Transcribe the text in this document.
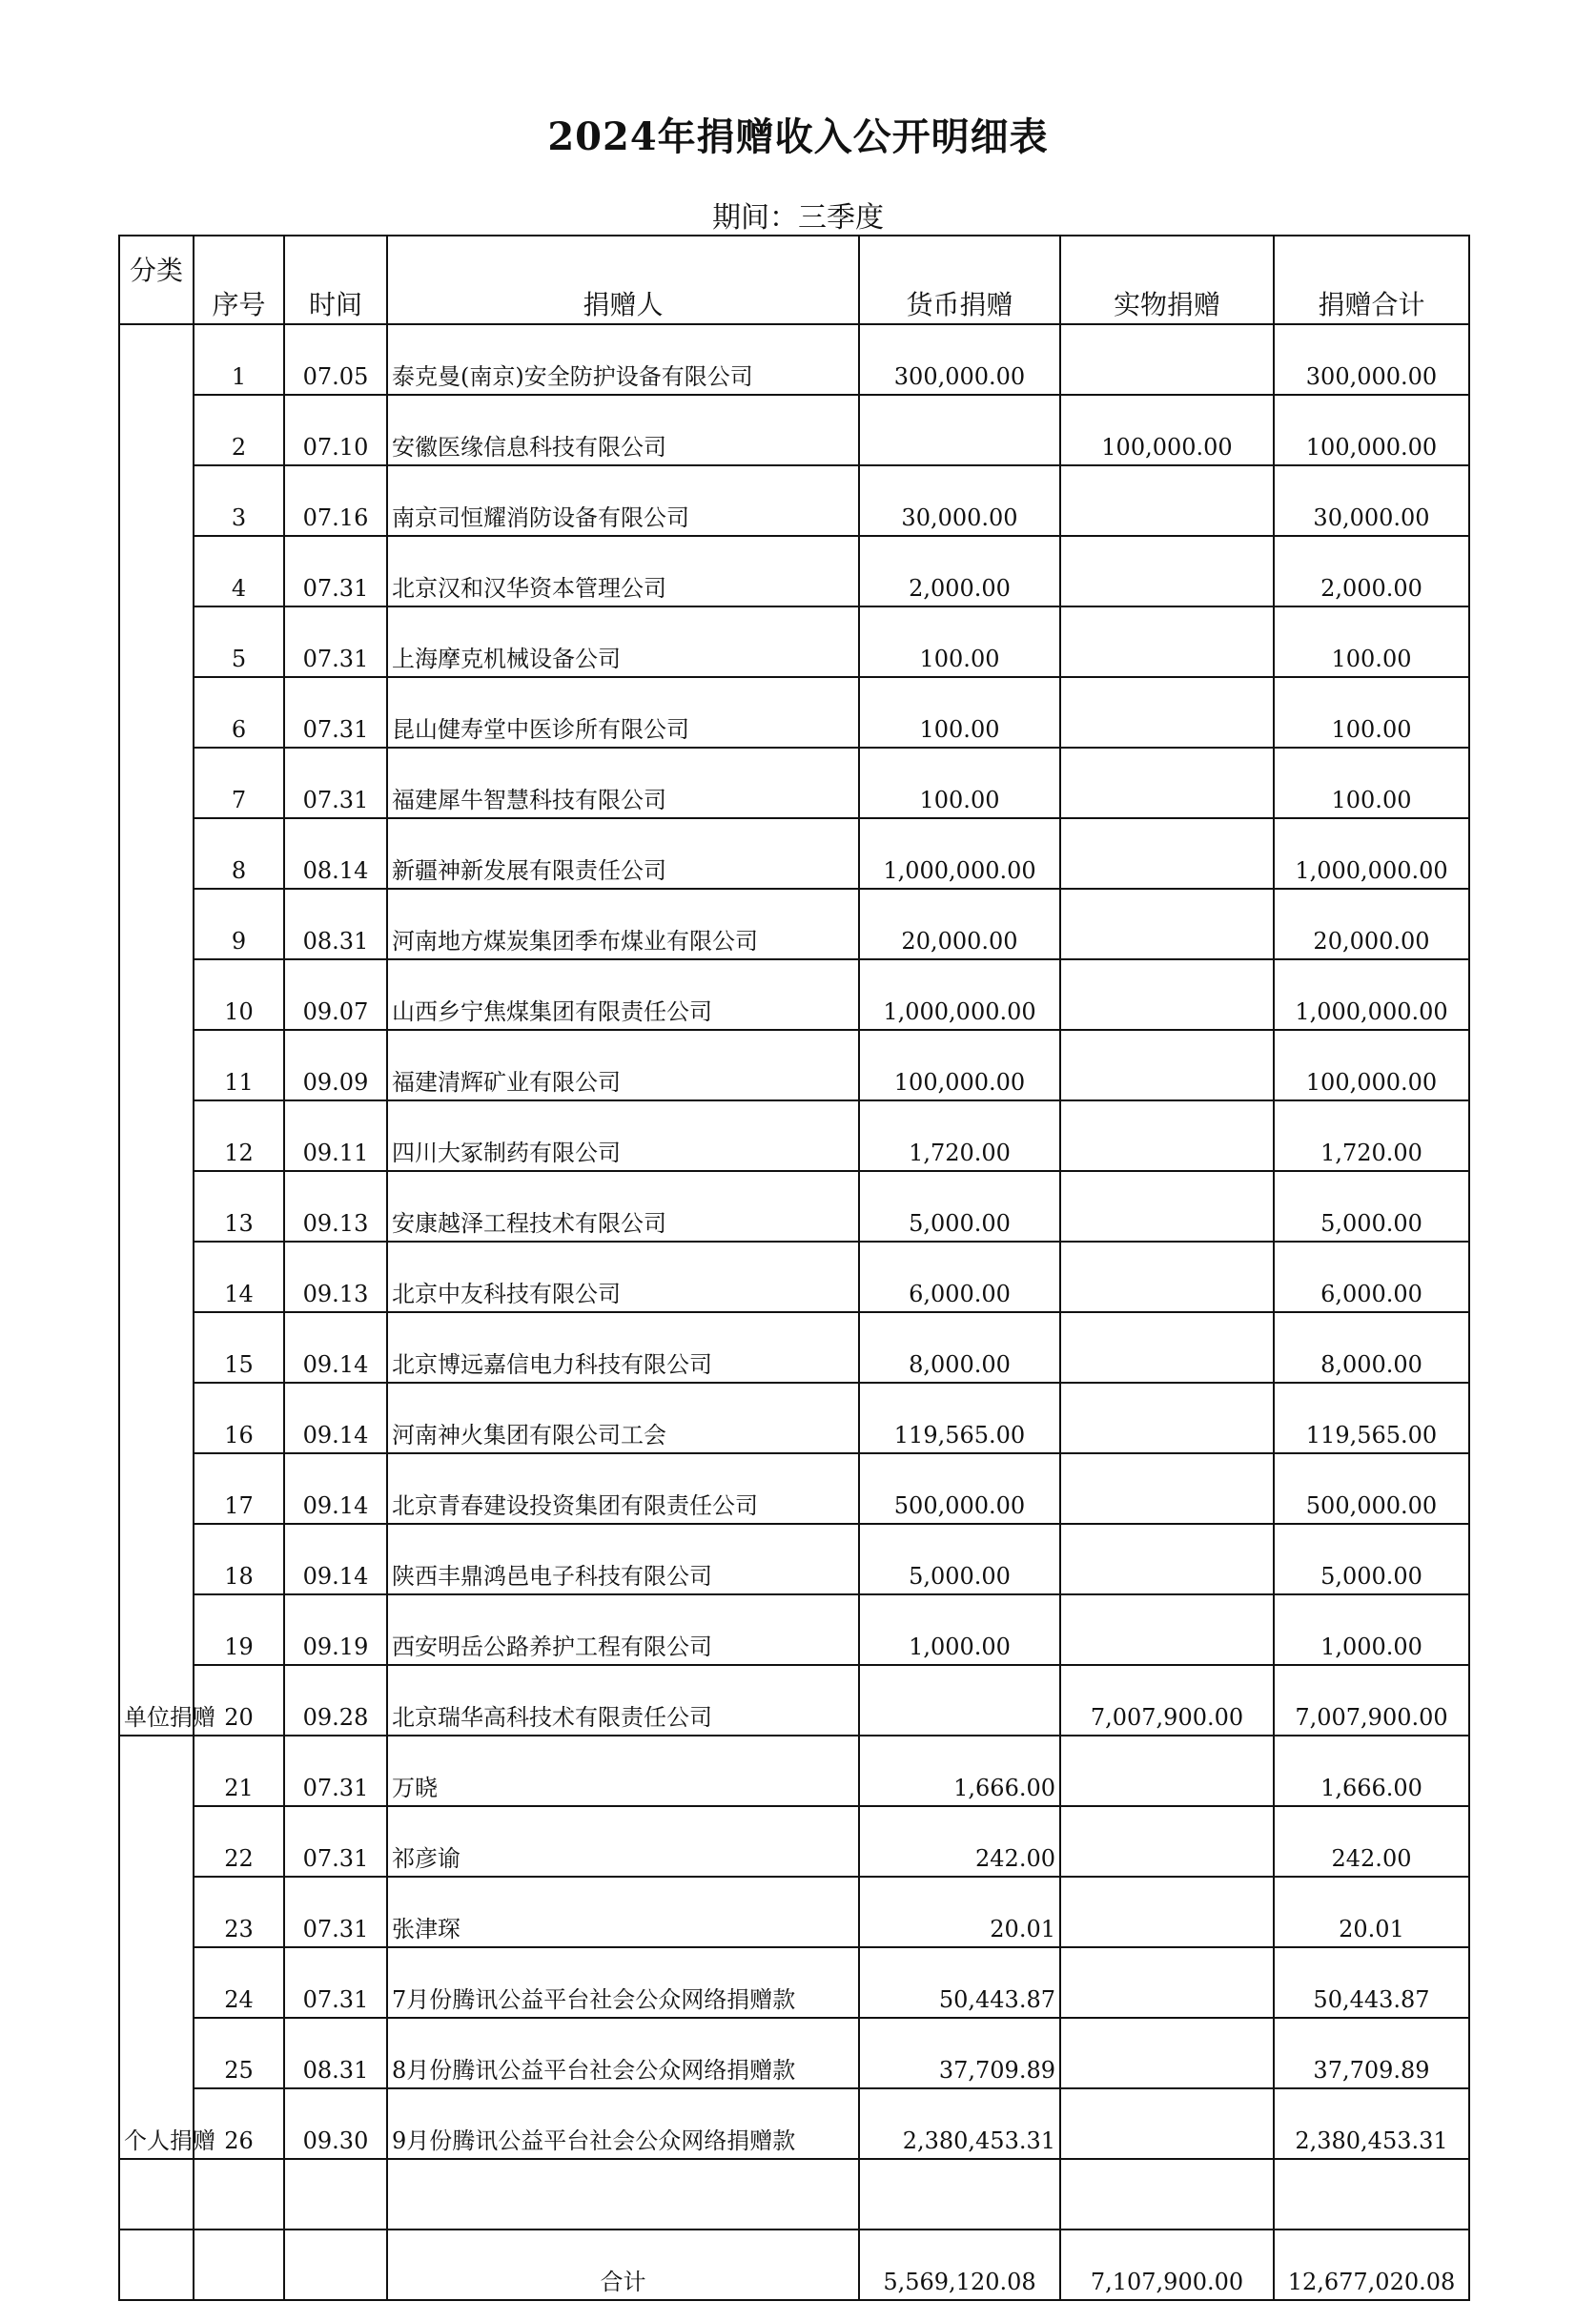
2024年捐赠收入公开明细表
期间：三季度
分类	序号	时间	捐赠人	货币捐赠	实物捐赠	捐赠合计
单位捐赠	1	07.05	泰克曼(南京)安全防护设备有限公司	300,000.00		300,000.00
	2	07.10	安徽医缘信息科技有限公司		100,000.00	100,000.00
	3	07.16	南京司恒耀消防设备有限公司	30,000.00		30,000.00
	4	07.31	北京汉和汉华资本管理公司	2,000.00		2,000.00
	5	07.31	上海摩克机械设备公司	100.00		100.00
	6	07.31	昆山健寿堂中医诊所有限公司	100.00		100.00
	7	07.31	福建犀牛智慧科技有限公司	100.00		100.00
	8	08.14	新疆神新发展有限责任公司	1,000,000.00		1,000,000.00
	9	08.31	河南地方煤炭集团季布煤业有限公司	20,000.00		20,000.00
	10	09.07	山西乡宁焦煤集团有限责任公司	1,000,000.00		1,000,000.00
	11	09.09	福建清辉矿业有限公司	100,000.00		100,000.00
	12	09.11	四川大冢制药有限公司	1,720.00		1,720.00
	13	09.13	安康越泽工程技术有限公司	5,000.00		5,000.00
	14	09.13	北京中友科技有限公司	6,000.00		6,000.00
	15	09.14	北京博远嘉信电力科技有限公司	8,000.00		8,000.00
	16	09.14	河南神火集团有限公司工会	119,565.00		119,565.00
	17	09.14	北京青春建设投资集团有限责任公司	500,000.00		500,000.00
	18	09.14	陕西丰鼎鸿邑电子科技有限公司	5,000.00		5,000.00
	19	09.19	西安明岳公路养护工程有限公司	1,000.00		1,000.00
	20	09.28	北京瑞华高科技术有限责任公司		7,007,900.00	7,007,900.00
个人捐赠	21	07.31	万晓	1,666.00		1,666.00
	22	07.31	祁彦谕	242.00		242.00
	23	07.31	张津琛	20.01		20.01
	24	07.31	7月份腾讯公益平台社会公众网络捐赠款	50,443.87		50,443.87
	25	08.31	8月份腾讯公益平台社会公众网络捐赠款	37,709.89		37,709.89
	26	09.30	9月份腾讯公益平台社会公众网络捐赠款	2,380,453.31		2,380,453.31

			合计	5,569,120.08	7,107,900.00	12,677,020.08
